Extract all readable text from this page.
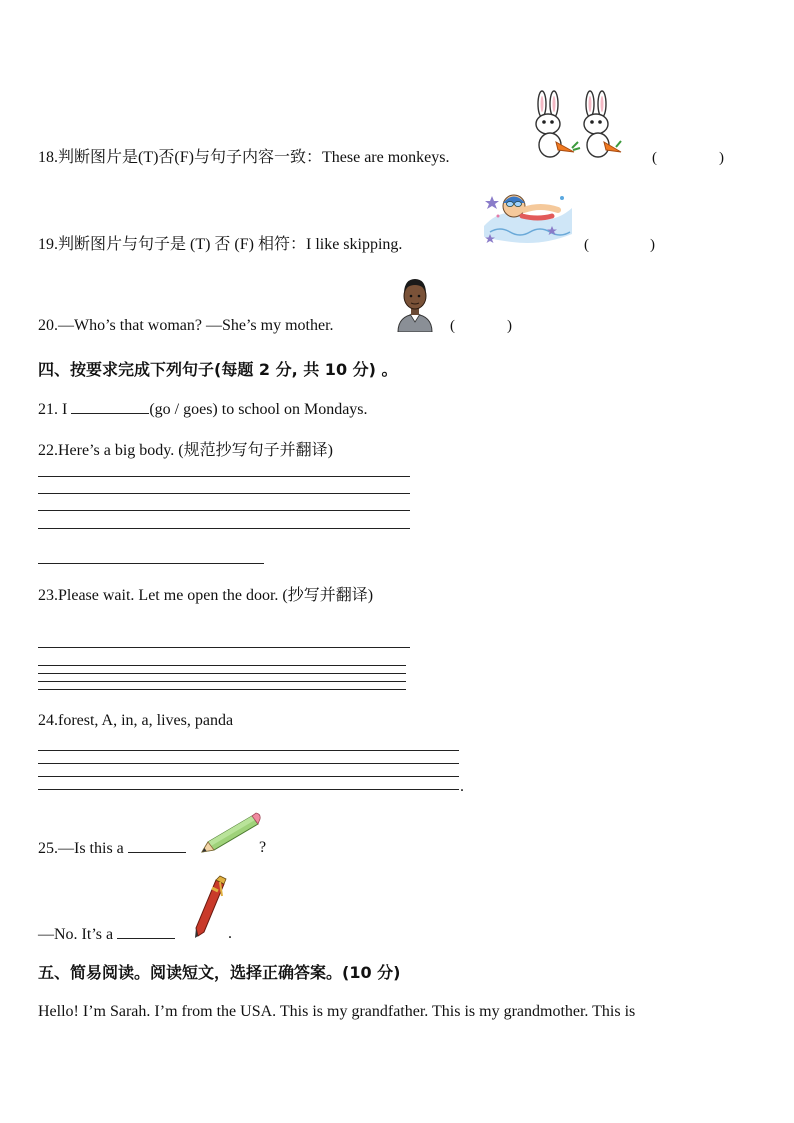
18.判断图片是(T)否(F)与句子内容一致：These are monkeys.	(	)
19.判断图片与句子是 (T) 否 (F) 相符：I like skipping.	(	)
20.—Who’s that woman? —She’s my mother.	(	)
四、按要求完成下列句子(每题 2 分, 共 10 分) 。
21. I	(go / goes) to school on Mondays.
22.Here’s a big body. (规范抄写句子并翻译)
23.Please wait. Let me open the door. (抄写并翻译)
24.forest, A, in, a, lives, panda
.
25.—Is this a	?
—No. It’s a	.
五、简易阅读。阅读短文，选择正确答案。(10 分)
Hello! I’m Sarah. I’m from the USA. This is my grandfather. This is my grandmother. This is
